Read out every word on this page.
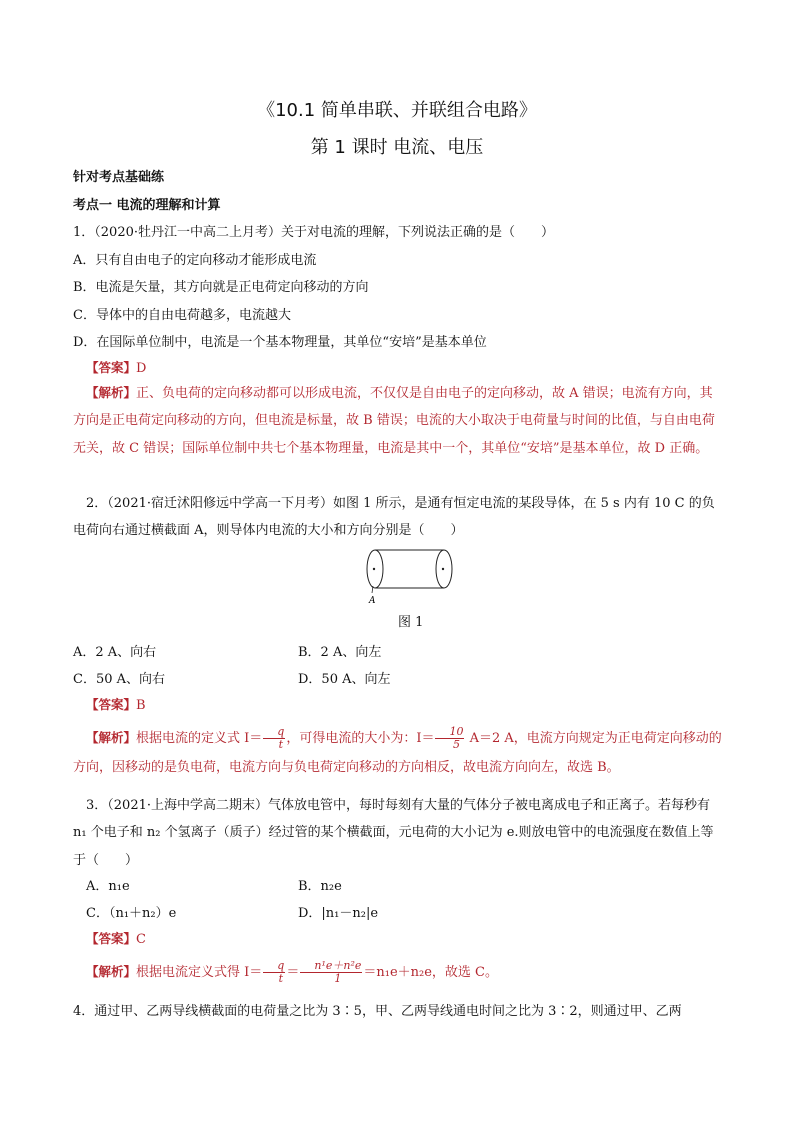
《10.1 简单串联、并联组合电路》
第 1 课时 电流、电压
针对考点基础练
考点一 电流的理解和计算
1．（2020·牡丹江一中高二上月考）关于对电流的理解，下列说法正确的是（　　）
A．只有自由电子的定向移动才能形成电流
B．电流是矢量，其方向就是正电荷定向移动的方向
C．导体中的自由电荷越多，电流越大
D．在国际单位制中，电流是一个基本物理量，其单位“安培”是基本单位
【答案】D
【解析】正、负电荷的定向移动都可以形成电流，不仅仅是自由电子的定向移动，故 A 错误；电流有方向，其方向是正电荷定向移动的方向，但电流是标量，故 B 错误；电流的大小取决于电荷量与时间的比值，与自由电荷无关，故 C 错误；国际单位制中共七个基本物理量，电流是其中一个，其单位“安培”是基本单位，故 D 正确。
2．（2021·宿迁沭阳修远中学高一下月考）如图 1 所示，是通有恒定电流的某段导体，在 5 s 内有 10 C 的负电荷向右通过横截面 A，则导体内电流的大小和方向分别是（　　）
A
图 1
A．2 A、向右	B．2 A、向左
C．50 A、向右	D．50 A、向左
【答案】B
【解析】根据电流的定义式 $I= \frac{q}{t}$ ，可得电流的大小为：$I= \frac{10}{5} A=2$ A，电流方向规定为正电荷定向移动的方向，因移动的是负电荷，电流方向与负电荷定向移动的方向相反，故电流方向向左，故选 B。
3．（2021·上海中学高二期末）气体放电管中，每时每刻有大量的气体分子被电离成电子和正离子。若每秒有 n₁ 个电子和 n₂ 个氢离子（质子）经过管的某个横截面，元电荷的大小记为 e.则放电管中的电流强度在数值上等于（　　）
A．n₁e	B．n₂e
C．（n₁＋n₂）e	D．|n₁－n₂|e
【答案】C
【解析】根据电流定义式得 $I= \frac{q}{t} = \frac{\text{n¹e＋n²e}}{1} =n_1e+n_2e$，故选 C。
4．通过甲、乙两导线横截面的电荷量之比为 3∶5，甲、乙两导线通电时间之比为 3∶2，则通过甲、乙两
